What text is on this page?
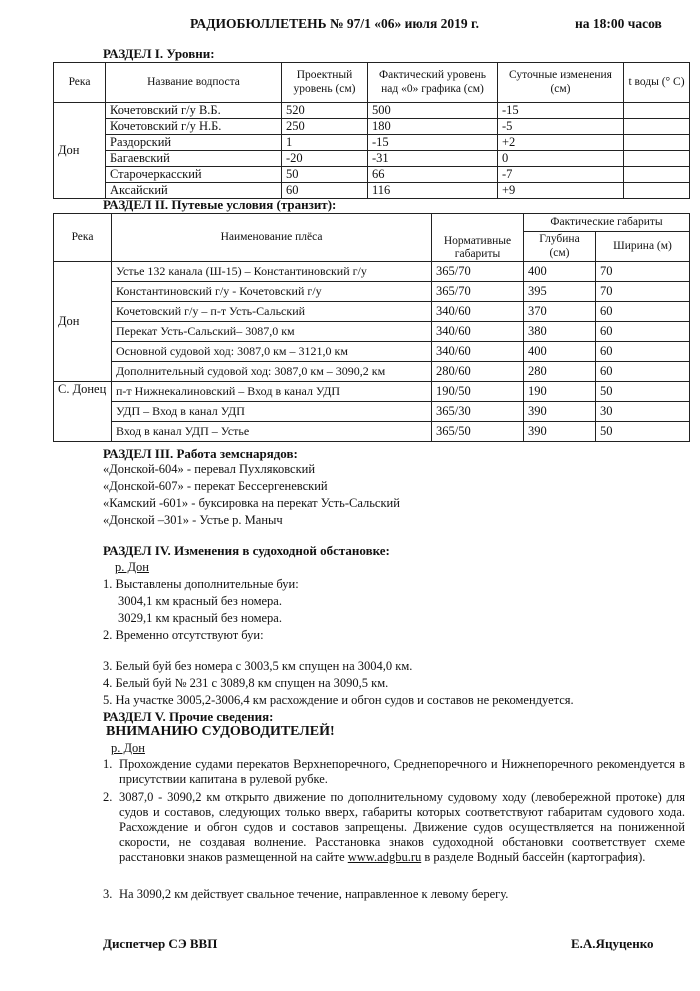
РАДИОБЮЛЛЕТЕНЬ № 97/1 «06» июля 2019 г.	на 18:00 часов
РАЗДЕЛ I. Уровни:
Река	Название водпоста	Проектный уровень (см)	Фактический уровень над «0» графика (см)	Суточные изменения (см)	t воды (° C)
Дон	Кочетовский г/у В.Б.	520	500	-15	
	Кочетовский г/у Н.Б.	250	180	-5	
	Раздорский	1	-15	+2	
	Багаевский	-20	-31	0	
	Старочеркасский	50	66	-7	
	Аксайский	60	116	+9	
РАЗДЕЛ II. Путевые условия (транзит):
Река	Наименование плёса	Нормативные габариты	Фактические габариты	
			Глубина (см)	Ширина (м)
Дон	Устье 132 канала (Ш-15) – Константиновский г/у	365/70	400	70
	Константиновский г/у - Кочетовский г/у	365/70	395	70
	Кочетовский г/у – п-т Усть-Сальский	340/60	370	60
	Перекат Усть-Сальский– 3087,0 км	340/60	380	60
	Основной судовой ход: 3087,0 км – 3121,0 км	340/60	400	60
	Дополнительный судовой ход: 3087,0 км – 3090,2 км	280/60	280	60
С. Донец	п-т Нижнекалиновский – Вход в канал УДП	190/50	190	50
	УДП – Вход в канал УДП	365/30	390	30
	Вход в канал УДП – Устье	365/50	390	50
РАЗДЕЛ III. Работа земснарядов:
«Донской-604» - перевал Пухляковский
«Донской-607» - перекат Бессергеневский
«Камский -601» - буксировка на перекат Усть-Сальский
«Донской –301» - Устье р. Маныч
РАЗДЕЛ IV. Изменения в судоходной обстановке:
р. Дон
1. Выставлены дополнительные буи:
3004,1 км красный без номера.
3029,1 км красный без номера.
2. Временно отсутствуют буи:
3. Белый буй без номера с 3003,5 км спущен на 3004,0 км.
4. Белый буй № 231 с 3089,8 км спущен на 3090,5 км.
5. На участке 3005,2-3006,4 км расхождение и обгон судов и составов не рекомендуется.
РАЗДЕЛ V. Прочие сведения:
ВНИМАНИЮ СУДОВОДИТЕЛЕЙ!
р. Дон
1. Прохождение судами перекатов Верхнепоречного, Среднепоречного и Нижнепоречного рекомендуется в присутствии капитана в рулевой рубке.
2. 3087,0 - 3090,2 км открыто движение по дополнительному судовому ходу (левобережной протоке) для судов и составов, следующих только вверх, габариты которых соответствуют габаритам судового хода. Расхождение и обгон судов и составов запрещены. Движение судов осуществляется на пониженной скорости, не создавая волнение. Расстановка знаков судоходной обстановки соответствует схеме расстановки знаков размещенной на сайте www.adgbu.ru в разделе Водный бассейн (картография).
3. На 3090,2 км действует свальное течение, направленное к левому берегу.
Диспетчер СЭ ВВП	Е.А.Яцуценко
